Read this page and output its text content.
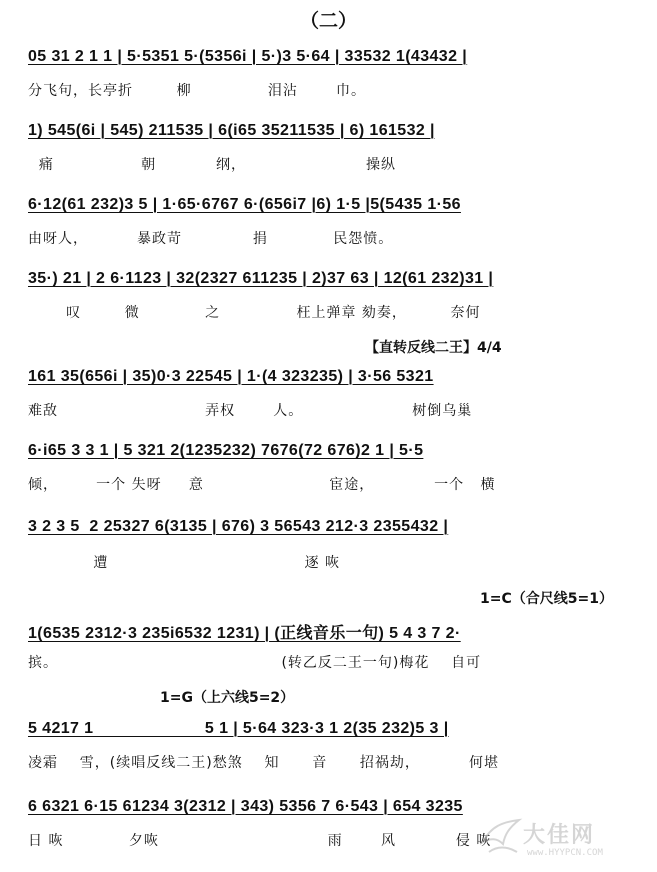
（二）

05 31 2 1 1 | 5·5351 5·(5356i | 5·)3 5·64 | 33532 1(43432 |

分飞句，长亭折        柳              泪沾       巾。

1) 545(6i | 545) 211535 | 6(i65 35211535 | 6) 161532 |

痛                朝           纲，                      操纵

6·12(61 232)3 5 | 1·65·6767 6·(656i7 |6) 1·5 |5(5435 1·56

由呀人，         暴政苛             捐            民怨愤。

35·) 21 | 2 6·1123 | 32(2327 611235 | 2)37 63 | 12(61 232)31 |

叹        微            之              枉上弹章 劾奏，        奈何

【直转反线二王】4/4

161 35(656i | 35)0·3 22545 | 1·(4 323235) | 3·56 5321

难敌                           弄权       人。                    树倒乌巢

6·i65 3 3 1 | 5 321 2(1235232) 7676(72 676)2 1 | 5·5

倾，       一个 失呀     意                       宦途，           一个   横

3 2 3 5  2 25327 6(3135 | 676) 3 56543 212·3 2355432 |

遭                                    逐 咴

1=C（合尺线5=1）

1(6535 2312·3 235i6532 1231) | (正线音乐一句) 5 4 3 7 2·

摈。                                         (转乙反二王一句)梅花    自可

1=G（上六线5=2）

5 4217 1                       5 1 | 5·64 323·3 1 2(35 232)5 3 |

凌霜    雪，(续唱反线二王)愁煞    知      音      招祸劫，         何堪

6 6321 6·15 61234 3(2312 | 343) 5356 7 6·543 | 654 3235

日 咴            夕咴                               雨       风           侵 咴	大佳网
www.HYYPCN.COM
